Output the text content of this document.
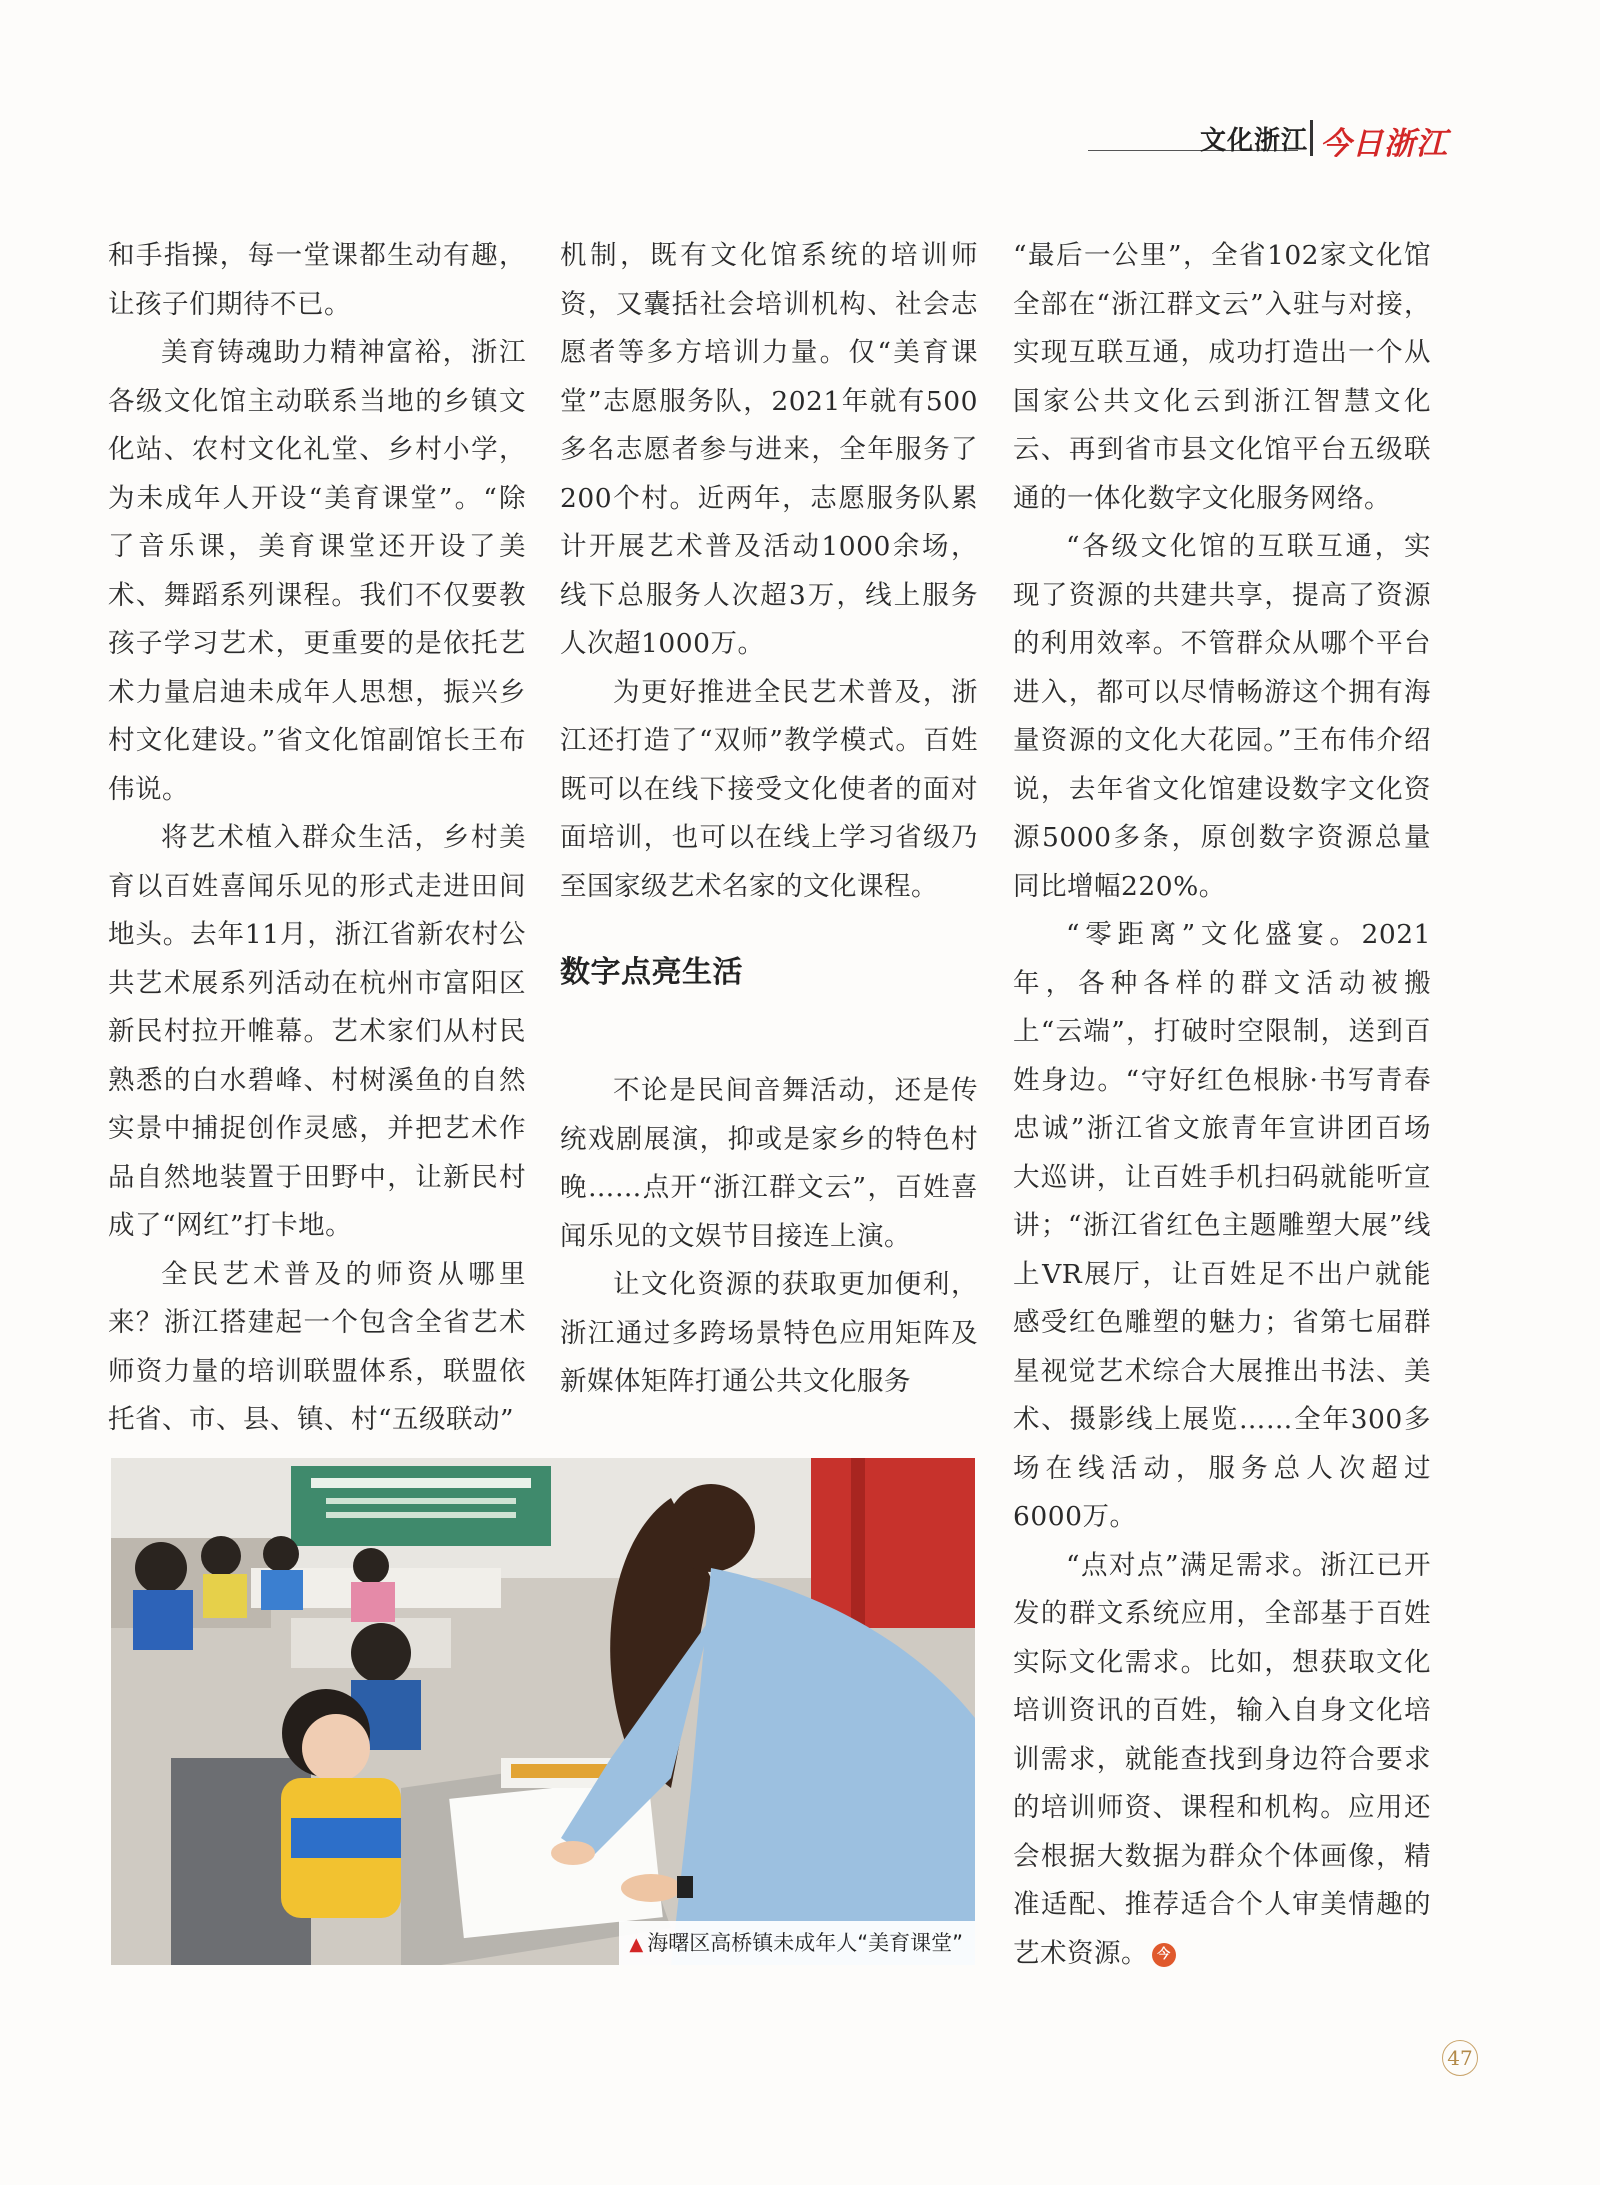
文化浙江 今日浙江

和手指操，每一堂课都生动有趣，让孩子们期待不已。

美育铸魂助力精神富裕，浙江各级文化馆主动联系当地的乡镇文化站、农村文化礼堂、乡村小学，为未成年人开设“美育课堂”。“除了音乐课，美育课堂还开设了美术、舞蹈系列课程。我们不仅要教孩子学习艺术，更重要的是依托艺术力量启迪未成年人思想，振兴乡村文化建设。”省文化馆副馆长王布伟说。

将艺术植入群众生活，乡村美育以百姓喜闻乐见的形式走进田间地头。去年11月，浙江省新农村公共艺术展系列活动在杭州市富阳区新民村拉开帷幕。艺术家们从村民熟悉的白水碧峰、村树溪鱼的自然实景中捕捉创作灵感，并把艺术作品自然地装置于田野中，让新民村成了“网红”打卡地。

全民艺术普及的师资从哪里来？浙江搭建起一个包含全省艺术师资力量的培训联盟体系，联盟依托省、市、县、镇、村“五级联动”

机制，既有文化馆系统的培训师资，又囊括社会培训机构、社会志愿者等多方培训力量。仅“美育课堂”志愿服务队，2021年就有500多名志愿者参与进来，全年服务了200个村。近两年，志愿服务队累计开展艺术普及活动1000余场，线下总服务人次超3万，线上服务人次超1000万。

为更好推进全民艺术普及，浙江还打造了“双师”教学模式。百姓既可以在线下接受文化使者的面对面培训，也可以在线上学习省级乃至国家级艺术名家的文化课程。

数字点亮生活

不论是民间音舞活动，还是传统戏剧展演，抑或是家乡的特色村晚……点开“浙江群文云”，百姓喜闻乐见的文娱节目接连上演。

让文化资源的获取更加便利，浙江通过多跨场景特色应用矩阵及新媒体矩阵打通公共文化服务

“最后一公里”，全省102家文化馆全部在“浙江群文云”入驻与对接，实现互联互通，成功打造出一个从国家公共文化云到浙江智慧文化云、再到省市县文化馆平台五级联通的一体化数字文化服务网络。

“各级文化馆的互联互通，实现了资源的共建共享，提高了资源的利用效率。不管群众从哪个平台进入，都可以尽情畅游这个拥有海量资源的文化大花园。”王布伟介绍说，去年省文化馆建设数字文化资源5000多条，原创数字资源总量同比增幅220%。

“零距离”文化盛宴。2021年，各种各样的群文活动被搬上“云端”，打破时空限制，送到百姓身边。“守好红色根脉·书写青春忠诚”浙江省文旅青年宣讲团百场大巡讲，让百姓手机扫码就能听宣讲；“浙江省红色主题雕塑大展”线上VR展厅，让百姓足不出户就能感受红色雕塑的魅力；省第七届群星视觉艺术综合大展推出书法、美术、摄影线上展览……全年300多场在线活动，服务总人次超过6000万。

“点对点”满足需求。浙江已开发的群文系统应用，全部基于百姓实际文化需求。比如，想获取文化培训资讯的百姓，输入自身文化培训需求，就能查找到身边符合要求的培训师资、课程和机构。应用还会根据大数据为群众个体画像，精准适配、推荐适合个人审美情趣的艺术资源。 今

▲ 海曙区高桥镇未成年人“美育课堂”
47
